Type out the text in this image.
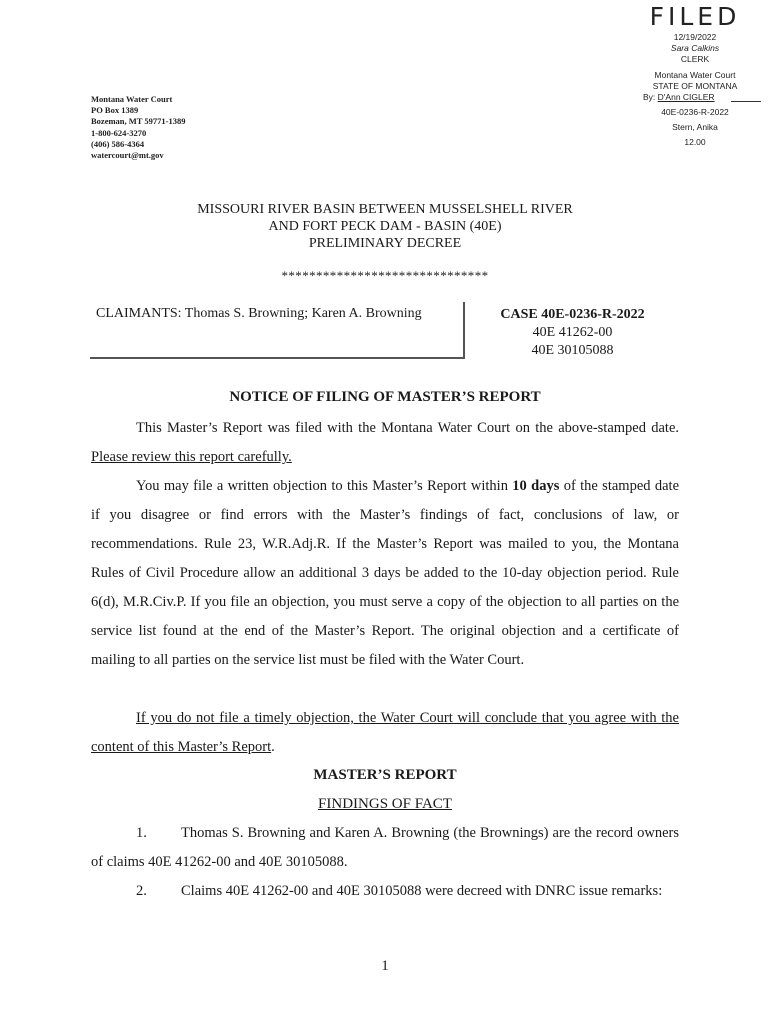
FILED
12/19/2022
Sara Calkins
CLERK
Montana Water Court
STATE OF MONTANA
By: D'Ann CIGLER
40E-0236-R-2022
Stern, Anika
12.00
Montana Water Court
PO Box 1389
Bozeman, MT 59771-1389
1-800-624-3270
(406) 586-4364
watercourt@mt.gov
MISSOURI RIVER BASIN BETWEEN MUSSELSHELL RIVER
AND FORT PECK DAM - BASIN (40E)
PRELIMINARY DECREE
******************************
CLAIMANTS: Thomas S. Browning; Karen A. Browning	CASE 40E-0236-R-2022
40E 41262-00
40E 30105088
NOTICE OF FILING OF MASTER’S REPORT
This Master’s Report was filed with the Montana Water Court on the above-stamped date. Please review this report carefully.
You may file a written objection to this Master’s Report within 10 days of the stamped date if you disagree or find errors with the Master’s findings of fact, conclusions of law, or recommendations. Rule 23, W.R.Adj.R. If the Master’s Report was mailed to you, the Montana Rules of Civil Procedure allow an additional 3 days be added to the 10-day objection period. Rule 6(d), M.R.Civ.P. If you file an objection, you must serve a copy of the objection to all parties on the service list found at the end of the Master’s Report. The original objection and a certificate of mailing to all parties on the service list must be filed with the Water Court.
If you do not file a timely objection, the Water Court will conclude that you agree with the content of this Master’s Report.
MASTER’S REPORT
FINDINGS OF FACT
1. Thomas S. Browning and Karen A. Browning (the Brownings) are the record owners of claims 40E 41262-00 and 40E 30105088.
2. Claims 40E 41262-00 and 40E 30105088 were decreed with DNRC issue remarks:
1
